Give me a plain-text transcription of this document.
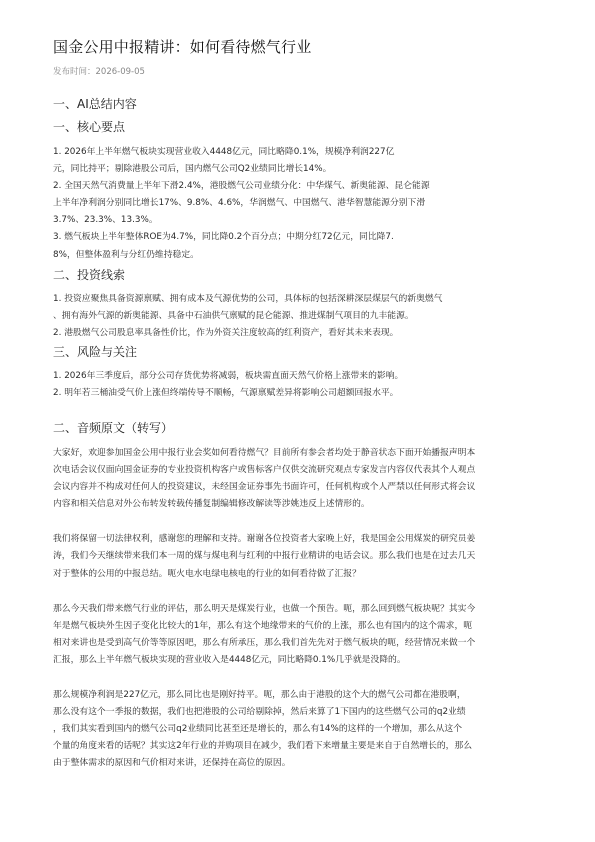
国金公用中报精讲：如何看待燃气行业
发布时间：2026-09-05
一、AI总结内容
一、核心要点
1. 2026年上半年燃气板块实现营业收入4448亿元，同比略降0.1%，规模净利润227亿
元，同比持平；剔除港股公司后，国内燃气公司Q2业绩同比增长14%。
2. 全国天然气消费量上半年下滑2.4%，港股燃气公司业绩分化：中华煤气、新奥能源、昆仑能源
上半年净利润分别同比增长17%、9.8%、4.6%，华润燃气、中国燃气、港华智慧能源分别下滑
3.7%、23.3%、13.3%。
3. 燃气板块上半年整体ROE为4.7%，同比降0.2个百分点；中期分红72亿元，同比降7.
8%，但整体盈利与分红仍维持稳定。
二、投资线索
1. 投资应聚焦具备资源禀赋、拥有成本及气源优势的公司，具体标的包括深耕深层煤层气的新奥燃气
、拥有海外气源的新奥能源、具备中石油供气禀赋的昆仑能源、推进煤制气项目的九丰能源。
2. 港股燃气公司股息率具备性价比，作为外资关注度较高的红利资产，看好其未来表现。
三、风险与关注
1. 2026年三季度后，部分公司存货优势将减弱，板块需直面天然气价格上涨带来的影响。
2. 明年若三桶油受气价上涨但终端传导不顺畅，气源禀赋差异将影响公司超额回报水平。
二、音频原文（转写）
大家好，欢迎参加国金公用中报行业会奖如何看待燃气？目前所有参会者均处于静音状态下面开始播报声明本
次电话会议仅面向国金证券的专业投资机构客户或售标客户仅供交流研究观点专家发言内容仅代表其个人观点
会议内容并不构成对任何人的投资建议，未经国金证券事先书面许可，任何机构或个人严禁以任何形式将会议
内容和相关信息对外公布转发转载传播复制编辑修改解读等涉姚违反上述情形的。
我们将保留一切法律权利，感谢您的理解和支持。谢谢各位投资者大家晚上好，我是国金公用煤炭的研究员姜
涛，我们今天继续带来我们本一周的煤与煤电利与红利的中报行业精讲的电话会议。那么我们也是在过去几天
对于整体的公用的中报总结。呃火电水电绿电核电的行业的如何看待做了汇报？
那么今天我们带来燃气行业的评估，那么明天是煤炭行业，也做一个预告。呃，那么回到燃气板块呢？其实今
年是燃气板块外生因子变化比较大的1年，那么有这个地缘带来的气价的上涨，那么也有国内的这个需求，呃
相对来讲也是受到高气价等等原因吧，那么有所承压，那么我们首先先对于燃气板块的呃，经营情况来做一个
汇报，那么上半年燃气板块实现的营业收入是4448亿元，同比略降0.1%几乎就是没降的。
那么规模净利润是227亿元，那么同比也是刚好持平。呃，那么由于港股的这个大的燃气公司都在港股啊，
那么没有这个一季报的数据，我们也把港股的公司给剔除掉，然后来算了1下国内的这些燃气公司的q2业绩
，我们其实看到国内的燃气公司q2业绩同比甚至还是增长的，那么有14%的这样的一个增加，那么从这个
个量的角度来看的话呢？其实这2年行业的并购项目在减少，我们看下来增量主要是来自于自然增长的，那么
由于整体需求的原因和气价相对来讲，还保持在高位的原因。
